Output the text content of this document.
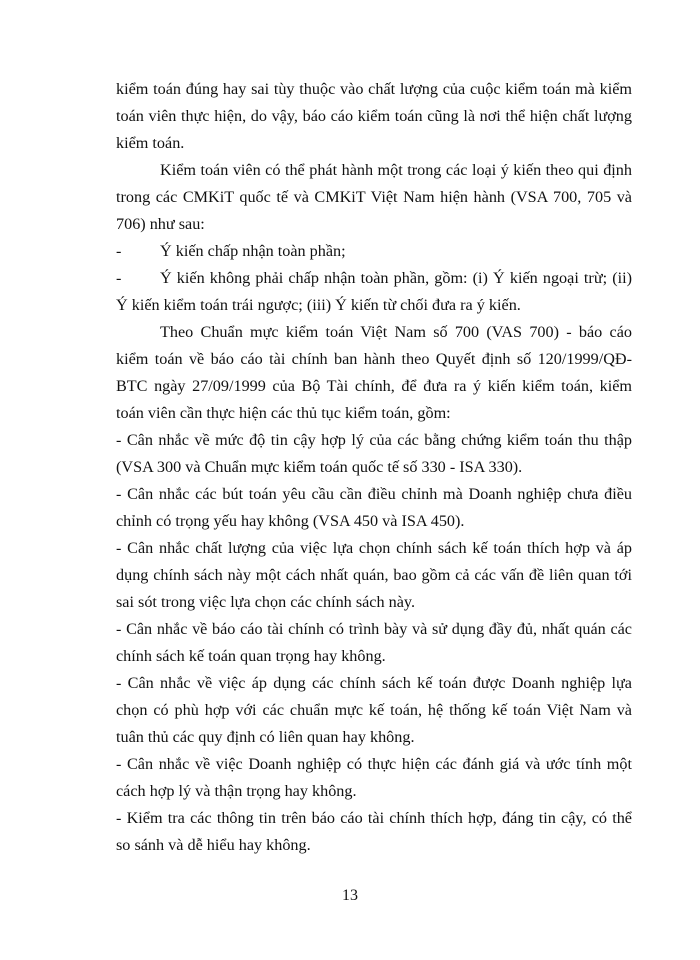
kiểm toán đúng hay sai tùy thuộc vào chất lượng của cuộc kiểm toán mà kiểm
toán viên thực hiện, do vậy, báo cáo kiểm toán cũng là nơi thể hiện chất lượng
kiểm toán.
Kiểm toán viên có thể phát hành một trong các loại ý kiến theo qui định
trong các CMKiT quốc tế và CMKiT Việt Nam hiện hành (VSA 700, 705 và
706) như sau:
-	Ý kiến chấp nhận toàn phần;
-	Ý kiến không phải chấp nhận toàn phần, gồm: (i) Ý kiến ngoại trừ; (ii)
Ý kiến kiểm toán trái ngược; (iii) Ý kiến từ chối đưa ra ý kiến.
Theo Chuẩn mực kiểm toán Việt Nam số 700 (VAS 700) - báo cáo
kiểm toán về báo cáo tài chính ban hành theo Quyết định số 120/1999/QĐ-
BTC ngày 27/09/1999 của Bộ Tài chính, để đưa ra ý kiến kiểm toán, kiểm
toán viên cần thực hiện các thủ tục kiểm toán, gồm:
- Cân nhắc về mức độ tin cậy hợp lý của các bằng chứng kiểm toán thu thập
(VSA 300 và Chuẩn mực kiểm toán quốc tế số 330 - ISA 330).
- Cân nhắc các bút toán yêu cầu cần điều chỉnh mà Doanh nghiệp chưa điều
chỉnh có trọng yếu hay không (VSA 450 và ISA 450).
- Cân nhắc chất lượng của việc lựa chọn chính sách kế toán thích hợp và áp
dụng chính sách này một cách nhất quán, bao gồm cả các vấn đề liên quan tới
sai sót trong việc lựa chọn các chính sách này.
- Cân nhắc về báo cáo tài chính có trình bày và sử dụng đầy đủ, nhất quán các
chính sách kế toán quan trọng hay không.
- Cân nhắc về việc áp dụng các chính sách kế toán được Doanh nghiệp lựa
chọn có phù hợp với các chuẩn mực kế toán, hệ thống kế toán Việt Nam và
tuân thủ các quy định có liên quan hay không.
- Cân nhắc về việc Doanh nghiệp có thực hiện các đánh giá và ước tính một
cách hợp lý và thận trọng hay không.
- Kiểm tra các thông tin trên báo cáo tài chính thích hợp, đáng tin cậy, có thể
so sánh và dễ hiểu hay không.
13
